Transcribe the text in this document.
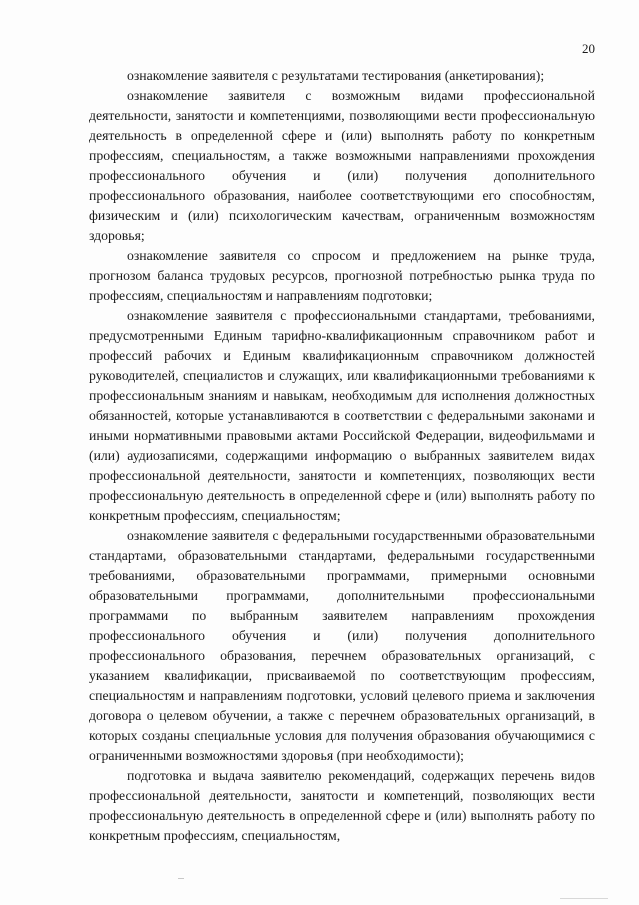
20

ознакомление заявителя с результатами тестирования (анкетирования);

ознакомление заявителя с возможным видами профессиональной деятельности, занятости и компетенциями, позволяющими вести профессиональную деятельность в определенной сфере и (или) выполнять работу по конкретным профессиям, специальностям, а также возможными направлениями прохождения профессионального обучения и (или) получения дополнительного профессионального образования, наиболее соответствующими его способностям, физическим и (или) психологическим качествам, ограниченным возможностям здоровья;

ознакомление заявителя со спросом и предложением на рынке труда, прогнозом баланса трудовых ресурсов, прогнозной потребностью рынка труда по профессиям, специальностям и направлениям подготовки;

ознакомление заявителя с профессиональными стандартами, требованиями, предусмотренными Единым тарифно-квалификационным справочником работ и профессий рабочих и Единым квалификационным справочником должностей руководителей, специалистов и служащих, или квалификационными требованиями к профессиональным знаниям и навыкам, необходимым для исполнения должностных обязанностей, которые устанавливаются в соответствии с федеральными законами и иными нормативными правовыми актами Российской Федерации, видеофильмами и (или) аудиозаписями, содержащими информацию о выбранных заявителем видах профессиональной деятельности, занятости и компетенциях, позволяющих вести профессиональную деятельность в определенной сфере и (или) выполнять работу по конкретным профессиям, специальностям;

ознакомление заявителя с федеральными государственными образовательными стандартами, образовательными стандартами, федеральными государственными требованиями, образовательными программами, примерными основными образовательными программами, дополнительными профессиональными программами по выбранным заявителем направлениям прохождения профессионального обучения и (или) получения дополнительного профессионального образования, перечнем образовательных организаций, с указанием квалификации, присваиваемой по соответствующим профессиям, специальностям и направлениям подготовки, условий целевого приема и заключения договора о целевом обучении, а также с перечнем образовательных организаций, в которых созданы специальные условия для получения образования обучающимися с ограниченными возможностями здоровья (при необходимости);

подготовка и выдача заявителю рекомендаций, содержащих перечень видов профессиональной деятельности, занятости и компетенций, позволяющих вести профессиональную деятельность в определенной сфере и (или) выполнять работу по конкретным профессиям, специальностям,
